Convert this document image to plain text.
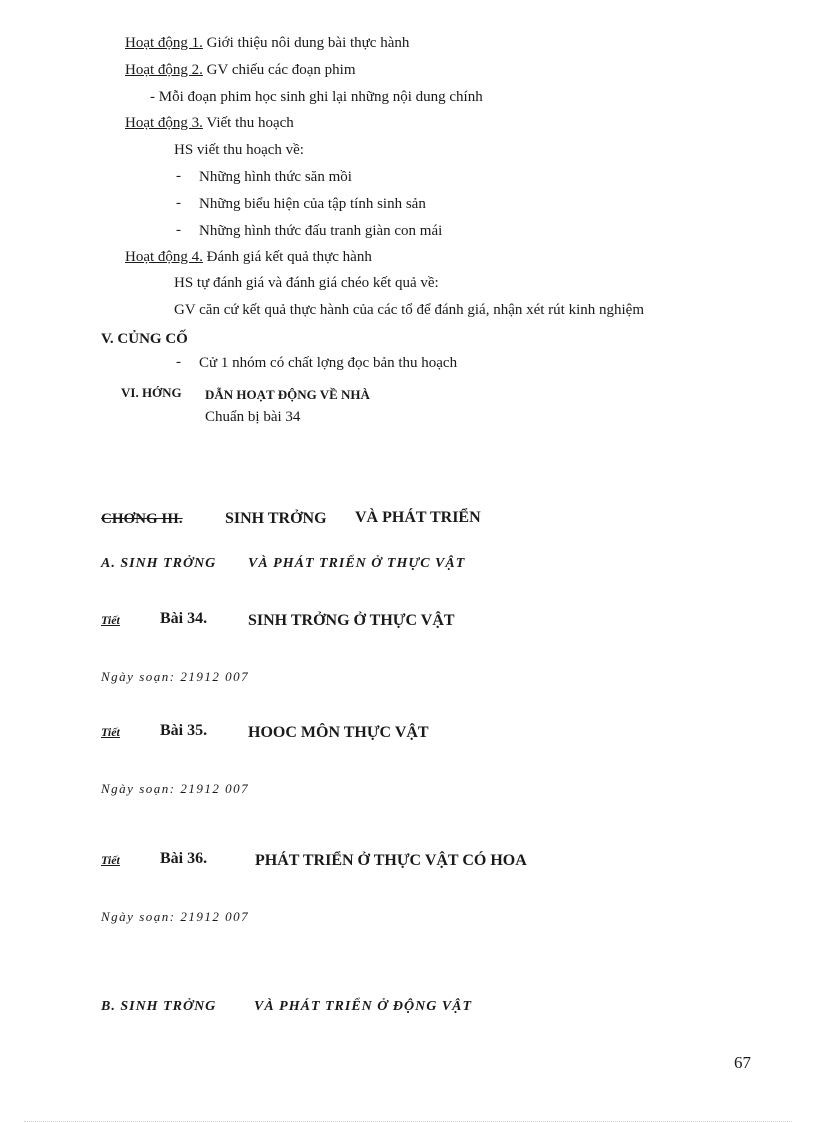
Hoạt động 1. Giới thiệu nôi dung bài thực hành
Hoạt động 2. GV chiếu các đoạn phim
- Mỗi đoạn phim học sinh ghi lại những nội dung chính
Hoạt động 3. Viết thu hoạch
HS viết thu hoạch về:
- Những hình thức săn mồi
- Những biểu hiện của tập tính sinh sản
- Những hình thức đấu tranh giàn con mái
Hoạt động 4. Đánh giá kết quả thực hành
HS tự đánh giá và đánh giá chéo kết quả về:
GV căn cứ kết quả thực hành của các tổ để đánh giá, nhận xét rút kinh nghiệm
V. CỦNG CỐ
- Cử 1 nhóm có chất lợng đọc bản thu hoạch
VI. HỚNG DẪN HOẠT ĐỘNG VỀ NHÀ
Chuẩn bị bài 34
CHƠNG III.	SINH TRỞNG VÀ PHÁT TRIỂN
A. SINH TRỞNG VÀ PHÁT TRIỂN Ở THỰC VẬT
Tiết	Bài 34.	SINH TRỞNG Ở THỰC VẬT
Ngày soạn: 21912 007
Tiết	Bài 35.	HOOC MÔN THỰC VẬT
Ngày soạn: 21912 007
Tiết	Bài 36.	PHÁT TRIỂN Ở THỰC VẬT CÓ HOA
Ngày soạn: 21912 007
B. SINH TRỞNG	VÀ PHÁT TRIỂN Ở ĐỘNG VẬT
67
